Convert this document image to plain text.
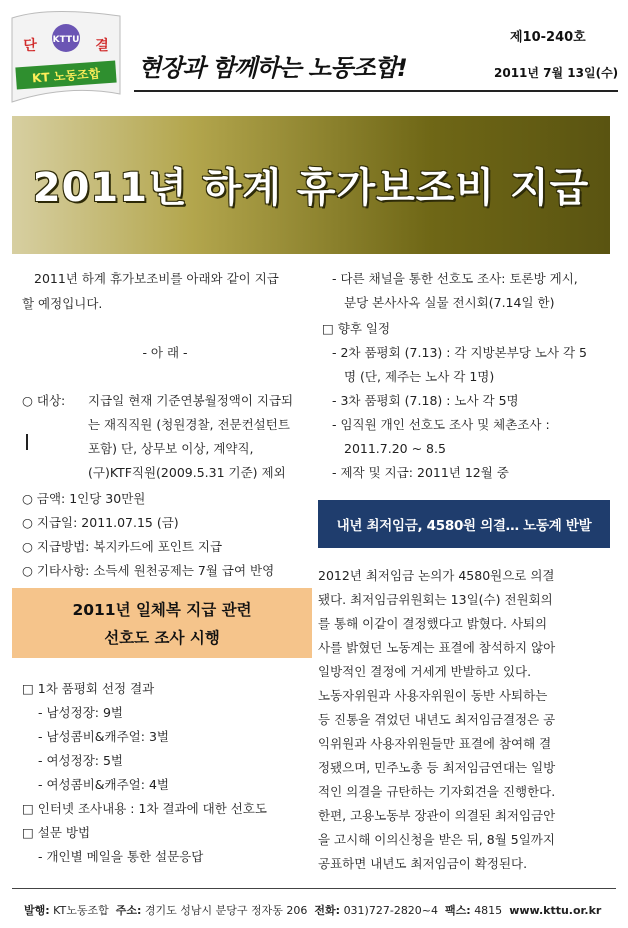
KTTU
단	결
KT 노동조합 현장과 함께하는 노동조합!
제10-240호
2011년 7월 13일(수)
2011년 하계 휴가보조비 지급
2011년 하계 휴가보조비를 아래와 같이 지급
할 예정입니다.
- 아 래 -
○ 대상: 지급일 현재 기준연봉월정액이 지급되
는 재직직원 (청원경찰, 전문컨설턴트
포함) 단, 상무보 이상, 계약직,
(구)KTF직원(2009.5.31 기준) 제외
○ 금액: 1인당 30만원
○ 지급일: 2011.07.15 (금)
○ 지급방법: 복지카드에 포인트 지급
○ 기타사항: 소득세 원천공제는 7월 급여 반영
2011년 일체복 지급 관련
선호도 조사 시행
□ 1차 품평회 선정 결과
- 남성정장: 9벌
- 남성콤비&캐주얼: 3벌
- 여성정장: 5벌
- 여성콤비&캐주얼: 4벌
□ 인터넷 조사내용 : 1차 결과에 대한 선호도
□ 설문 방법
- 개인별 메일을 통한 설문응답
- 다른 채널을 통한 선호도 조사: 토론방 게시,
분당 본사사옥 실물 전시회(7.14일 한)
□ 향후 일정
- 2차 품평회 (7.13) : 각 지방본부당 노사 각 5
명 (단, 제주는 노사 각 1명)
- 3차 품평회 (7.18) : 노사 각 5명
- 임직원 개인 선호도 조사 및 체촌조사 :
2011.7.20 ~ 8.5
- 제작 및 지급: 2011년 12월 중
내년 최저임금, 4580원 의결… 노동계 반발
2012년 최저임금 논의가 4580원으로 의결
됐다. 최저임금위원회는 13일(수) 전원회의
를 통해 이같이 결정했다고 밝혔다. 사퇴의
사를 밝혔던 노동계는 표결에 참석하지 않아
일방적인 결정에 거세게 반발하고 있다.
노동자위원과 사용자위원이 동반 사퇴하는
등 진통을 겪었던 내년도 최저임금결정은 공
익위원과 사용자위원들만 표결에 참여해 결
정됐으며, 민주노총 등 최저임금연대는 일방
적인 의결을 규탄하는 기자회견을 진행한다.
한편, 고용노동부 장관이 의결된 최저임금안
을 고시해 이의신청을 받은 뒤, 8월 5일까지
공표하면 내년도 최저임금이 확정된다.
발행: KT노동조합 주소: 경기도 성남시 분당구 정자동 206 전화: 031)727-2820~4 팩스: 4815 www.kttu.or.kr
